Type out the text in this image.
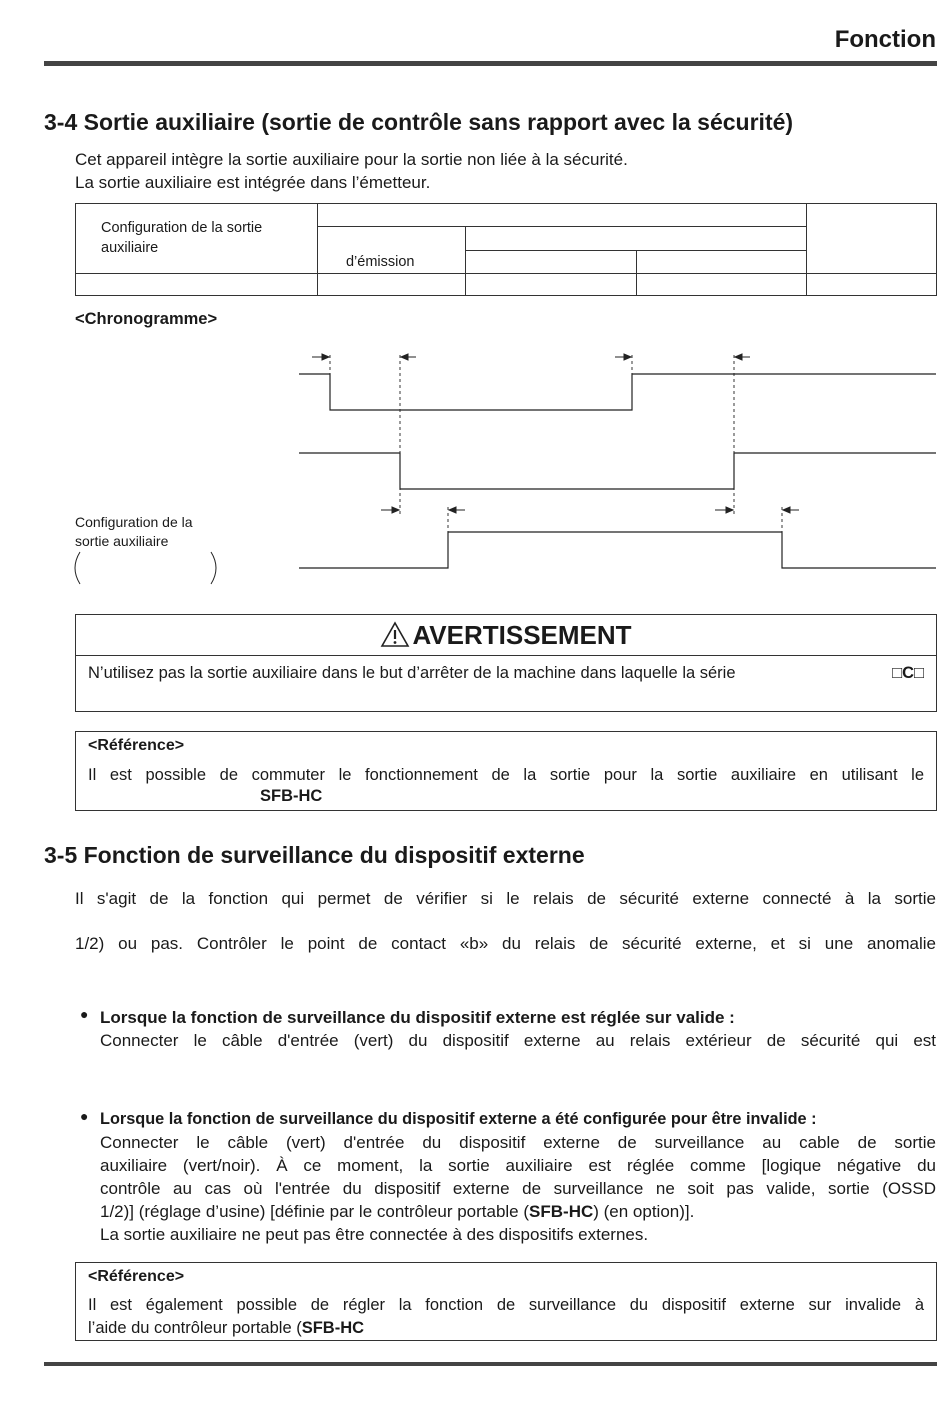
Fonction
3-4 Sortie auxiliaire (sortie de contrôle sans rapport avec la sécurité)
Cet appareil intègre la sortie auxiliaire pour la sortie non liée à la sécurité.
La sortie auxiliaire est intégrée dans l’émetteur.
Configuration de la sortie auxiliaire				

	d’émission			

<Chronogramme>
Configuration de la sortie auxiliaire
AVERTISSEMENT
N’utilisez pas la sortie auxiliaire dans le but d’arrêter de la machine dans laquelle la série	□C□
<Référence>
Il est possible de commuter le fonctionnement de la sortie pour la sortie auxiliaire en utilisant le
SFB-HC
3-5 Fonction de surveillance du dispositif externe
Il s'agit de la fonction qui permet de vérifier si le relais de sécurité externe connecté à la sortie
1/2) ou pas. Contrôler le point de contact «b» du relais de sécurité externe, et si une anomalie
● Lorsque la fonction de surveillance du dispositif externe est réglée sur valide :
Connecter le câble d'entrée (vert) du dispositif externe au relais extérieur de sécurité qui est
● Lorsque la fonction de surveillance du dispositif externe a été configurée pour être invalide :
Connecter le câble (vert) d'entrée du dispositif externe de surveillance au cable de sortie
auxiliaire (vert/noir). À ce moment, la sortie auxiliaire est réglée comme [logique négative du
contrôle au cas où l'entrée du dispositif externe de surveillance ne soit pas valide, sortie (OSSD
1/2)] (réglage d’usine) [définie par le contrôleur portable (SFB-HC) (en option)].
La sortie auxiliaire ne peut pas être connectée à des dispositifs externes.
<Référence>
Il est également possible de régler la fonction de surveillance du dispositif externe sur invalide à
l’aide du contrôleur portable (SFB-HC
